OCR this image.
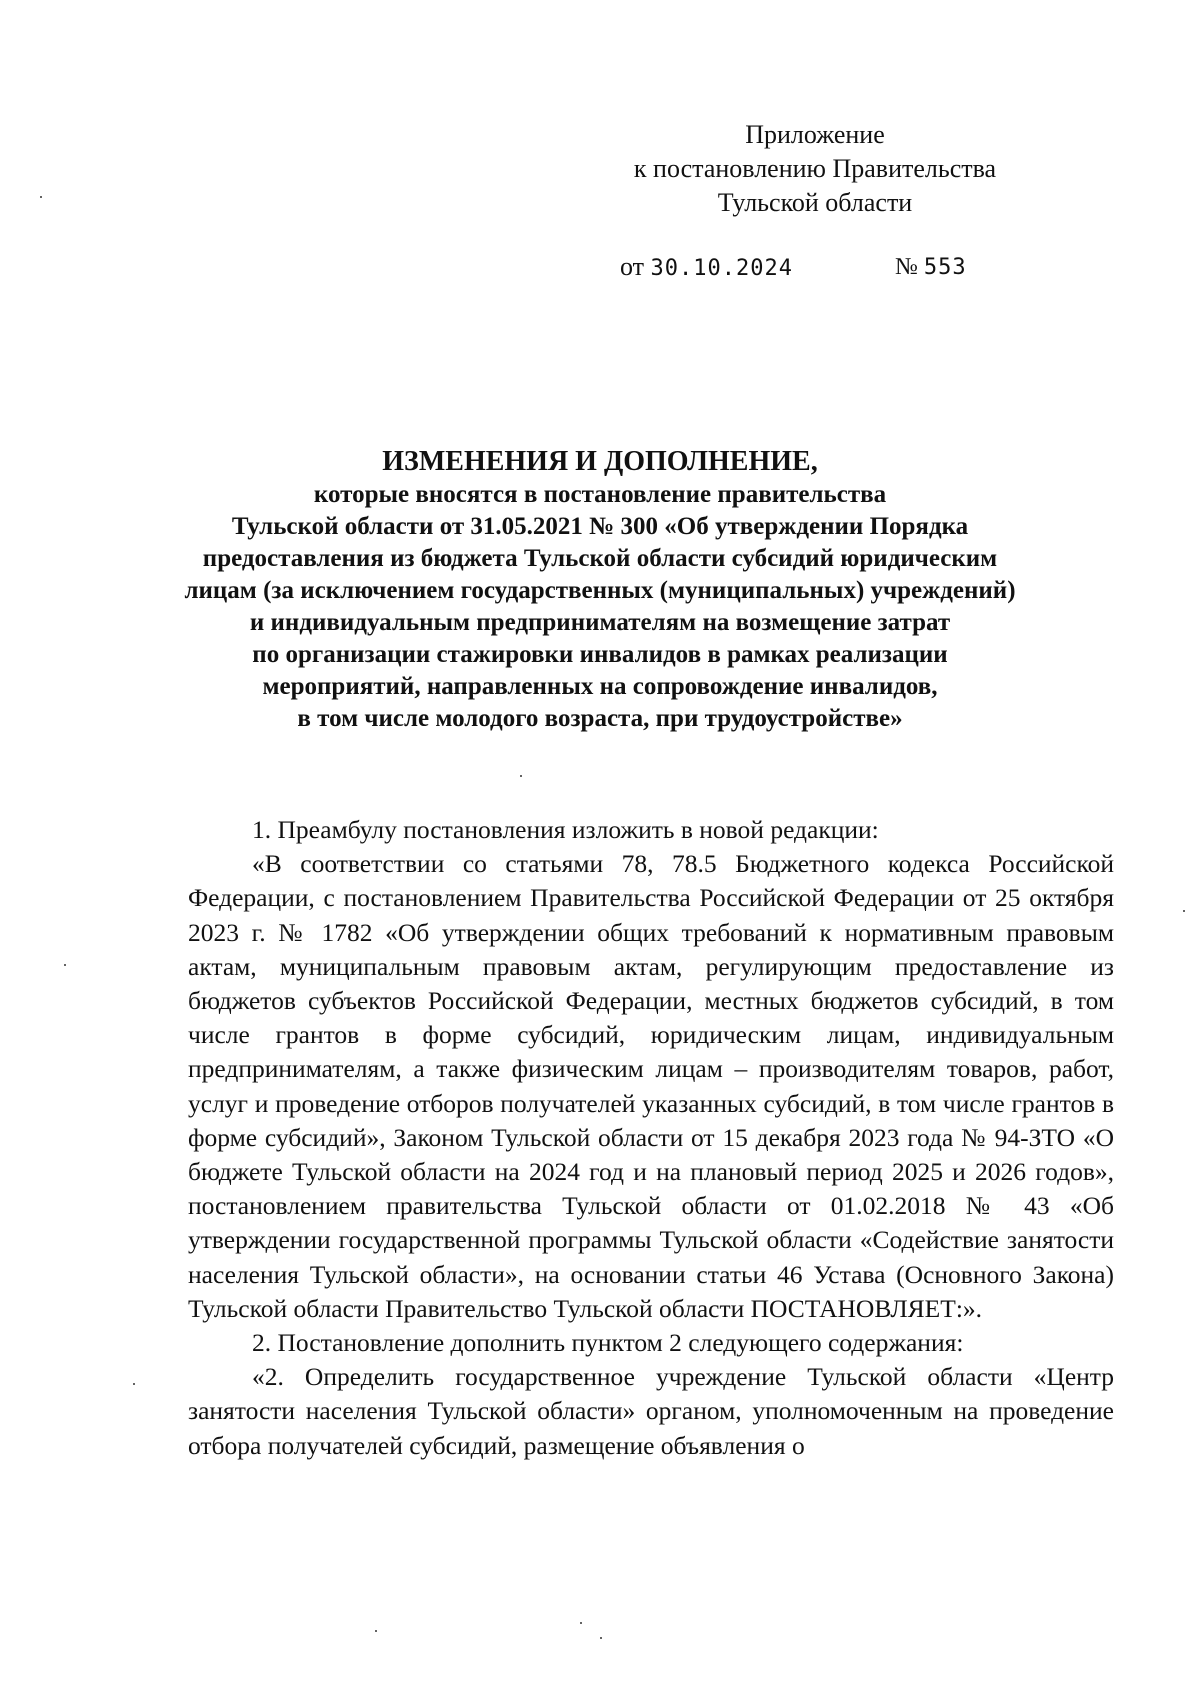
Приложение
к постановлению Правительства
Тульской области
от 30.10.2024	№ 553
ИЗМЕНЕНИЯ И ДОПОЛНЕНИЕ,
которые вносятся в постановление правительства
Тульской области от 31.05.2021 № 300 «Об утверждении Порядка
предоставления из бюджета Тульской области субсидий юридическим
лицам (за исключением государственных (муниципальных) учреждений)
и индивидуальным предпринимателям на возмещение затрат
по организации стажировки инвалидов в рамках реализации
мероприятий, направленных на сопровождение инвалидов,
в том числе молодого возраста, при трудоустройстве»

1. Преамбулу постановления изложить в новой редакции:

«В соответствии со статьями 78, 78.5 Бюджетного кодекса Российской Федерации, с постановлением Правительства Российской Федерации от 25 октября 2023 г. № 1782 «Об утверждении общих требований к нормативным правовым актам, муниципальным правовым актам, регулирующим предоставление из бюджетов субъектов Российской Федерации, местных бюджетов субсидий, в том числе грантов в форме субсидий, юридическим лицам, индивидуальным предпринимателям, а также физическим лицам – производителям товаров, работ, услуг и проведение отборов получателей указанных субсидий, в том числе грантов в форме субсидий», Законом Тульской области от 15 декабря 2023 года № 94-ЗТО «О бюджете Тульской области на 2024 год и на плановый период 2025 и 2026 годов», постановлением правительства Тульской области от 01.02.2018 № 43 «Об утверждении государственной программы Тульской области «Содействие занятости населения Тульской области», на основании статьи 46 Устава (Основного Закона) Тульской области Правительство Тульской области ПОСТАНОВЛЯЕТ:».

2. Постановление дополнить пунктом 2 следующего содержания:

«2. Определить государственное учреждение Тульской области «Центр занятости населения Тульской области» органом, уполномоченным на проведение отбора получателей субсидий, размещение объявления о
